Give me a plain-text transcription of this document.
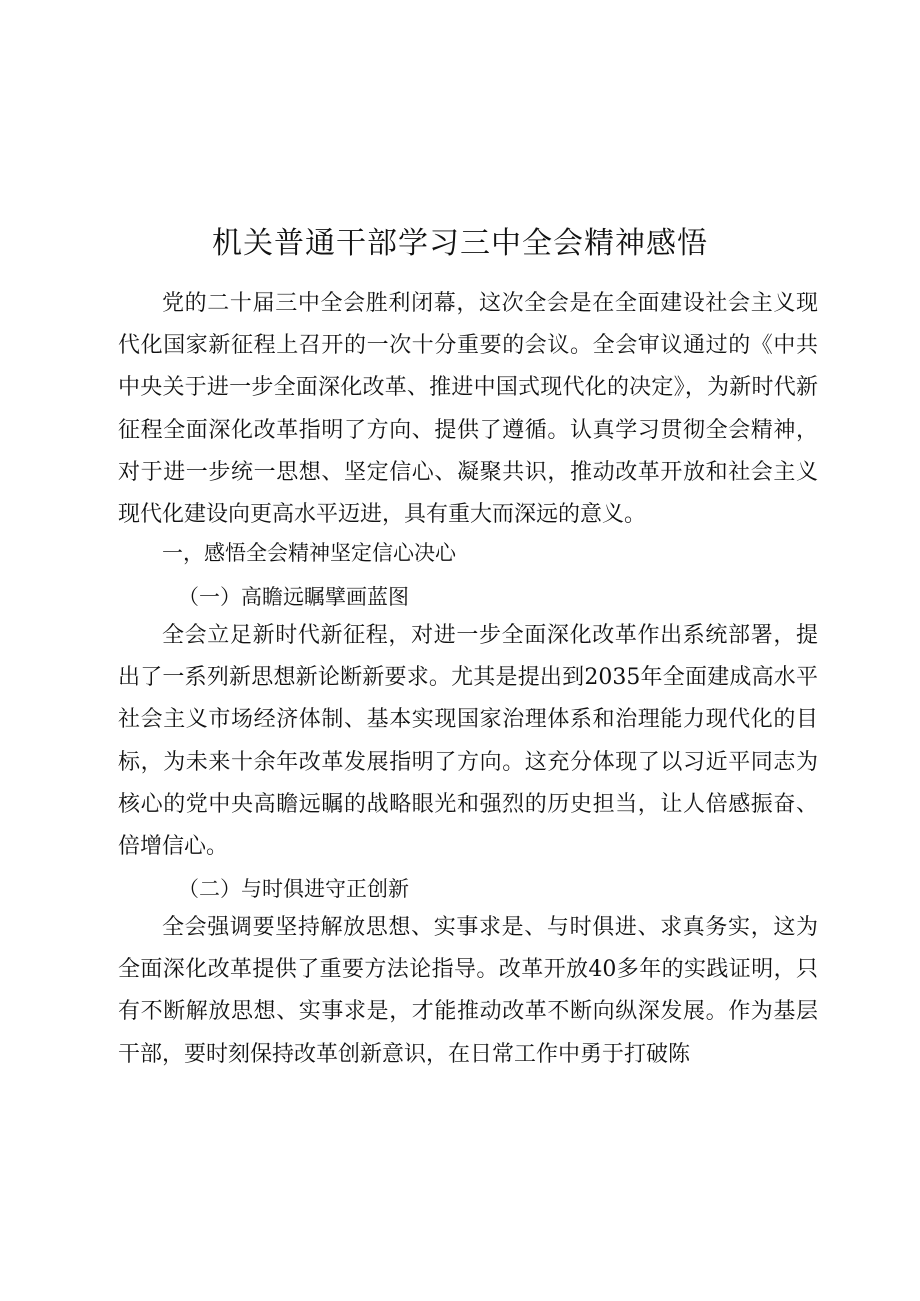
机关普通干部学习三中全会精神感悟

党的二十届三中全会胜利闭幕，这次全会是在全面建设社会主义现代化国家新征程上召开的一次十分重要的会议。全会审议通过的《中共中央关于进一步全面深化改革、推进中国式现代化的决定》，为新时代新征程全面深化改革指明了方向、提供了遵循。认真学习贯彻全会精神，对于进一步统一思想、坚定信心、凝聚共识，推动改革开放和社会主义现代化建设向更高水平迈进，具有重大而深远的意义。

一，感悟全会精神坚定信心决心
（一）高瞻远瞩擘画蓝图

全会立足新时代新征程，对进一步全面深化改革作出系统部署，提出了一系列新思想新论断新要求。尤其是提出到2035年全面建成高水平社会主义市场经济体制、基本实现国家治理体系和治理能力现代化的目标，为未来十余年改革发展指明了方向。这充分体现了以习近平同志为核心的党中央高瞻远瞩的战略眼光和强烈的历史担当，让人倍感振奋、倍增信心。

（二）与时俱进守正创新

全会强调要坚持解放思想、实事求是、与时俱进、求真务实，这为全面深化改革提供了重要方法论指导。改革开放40多年的实践证明，只有不断解放思想、实事求是，才能推动改革不断向纵深发展。作为基层干部，要时刻保持改革创新意识，在日常工作中勇于打破陈
